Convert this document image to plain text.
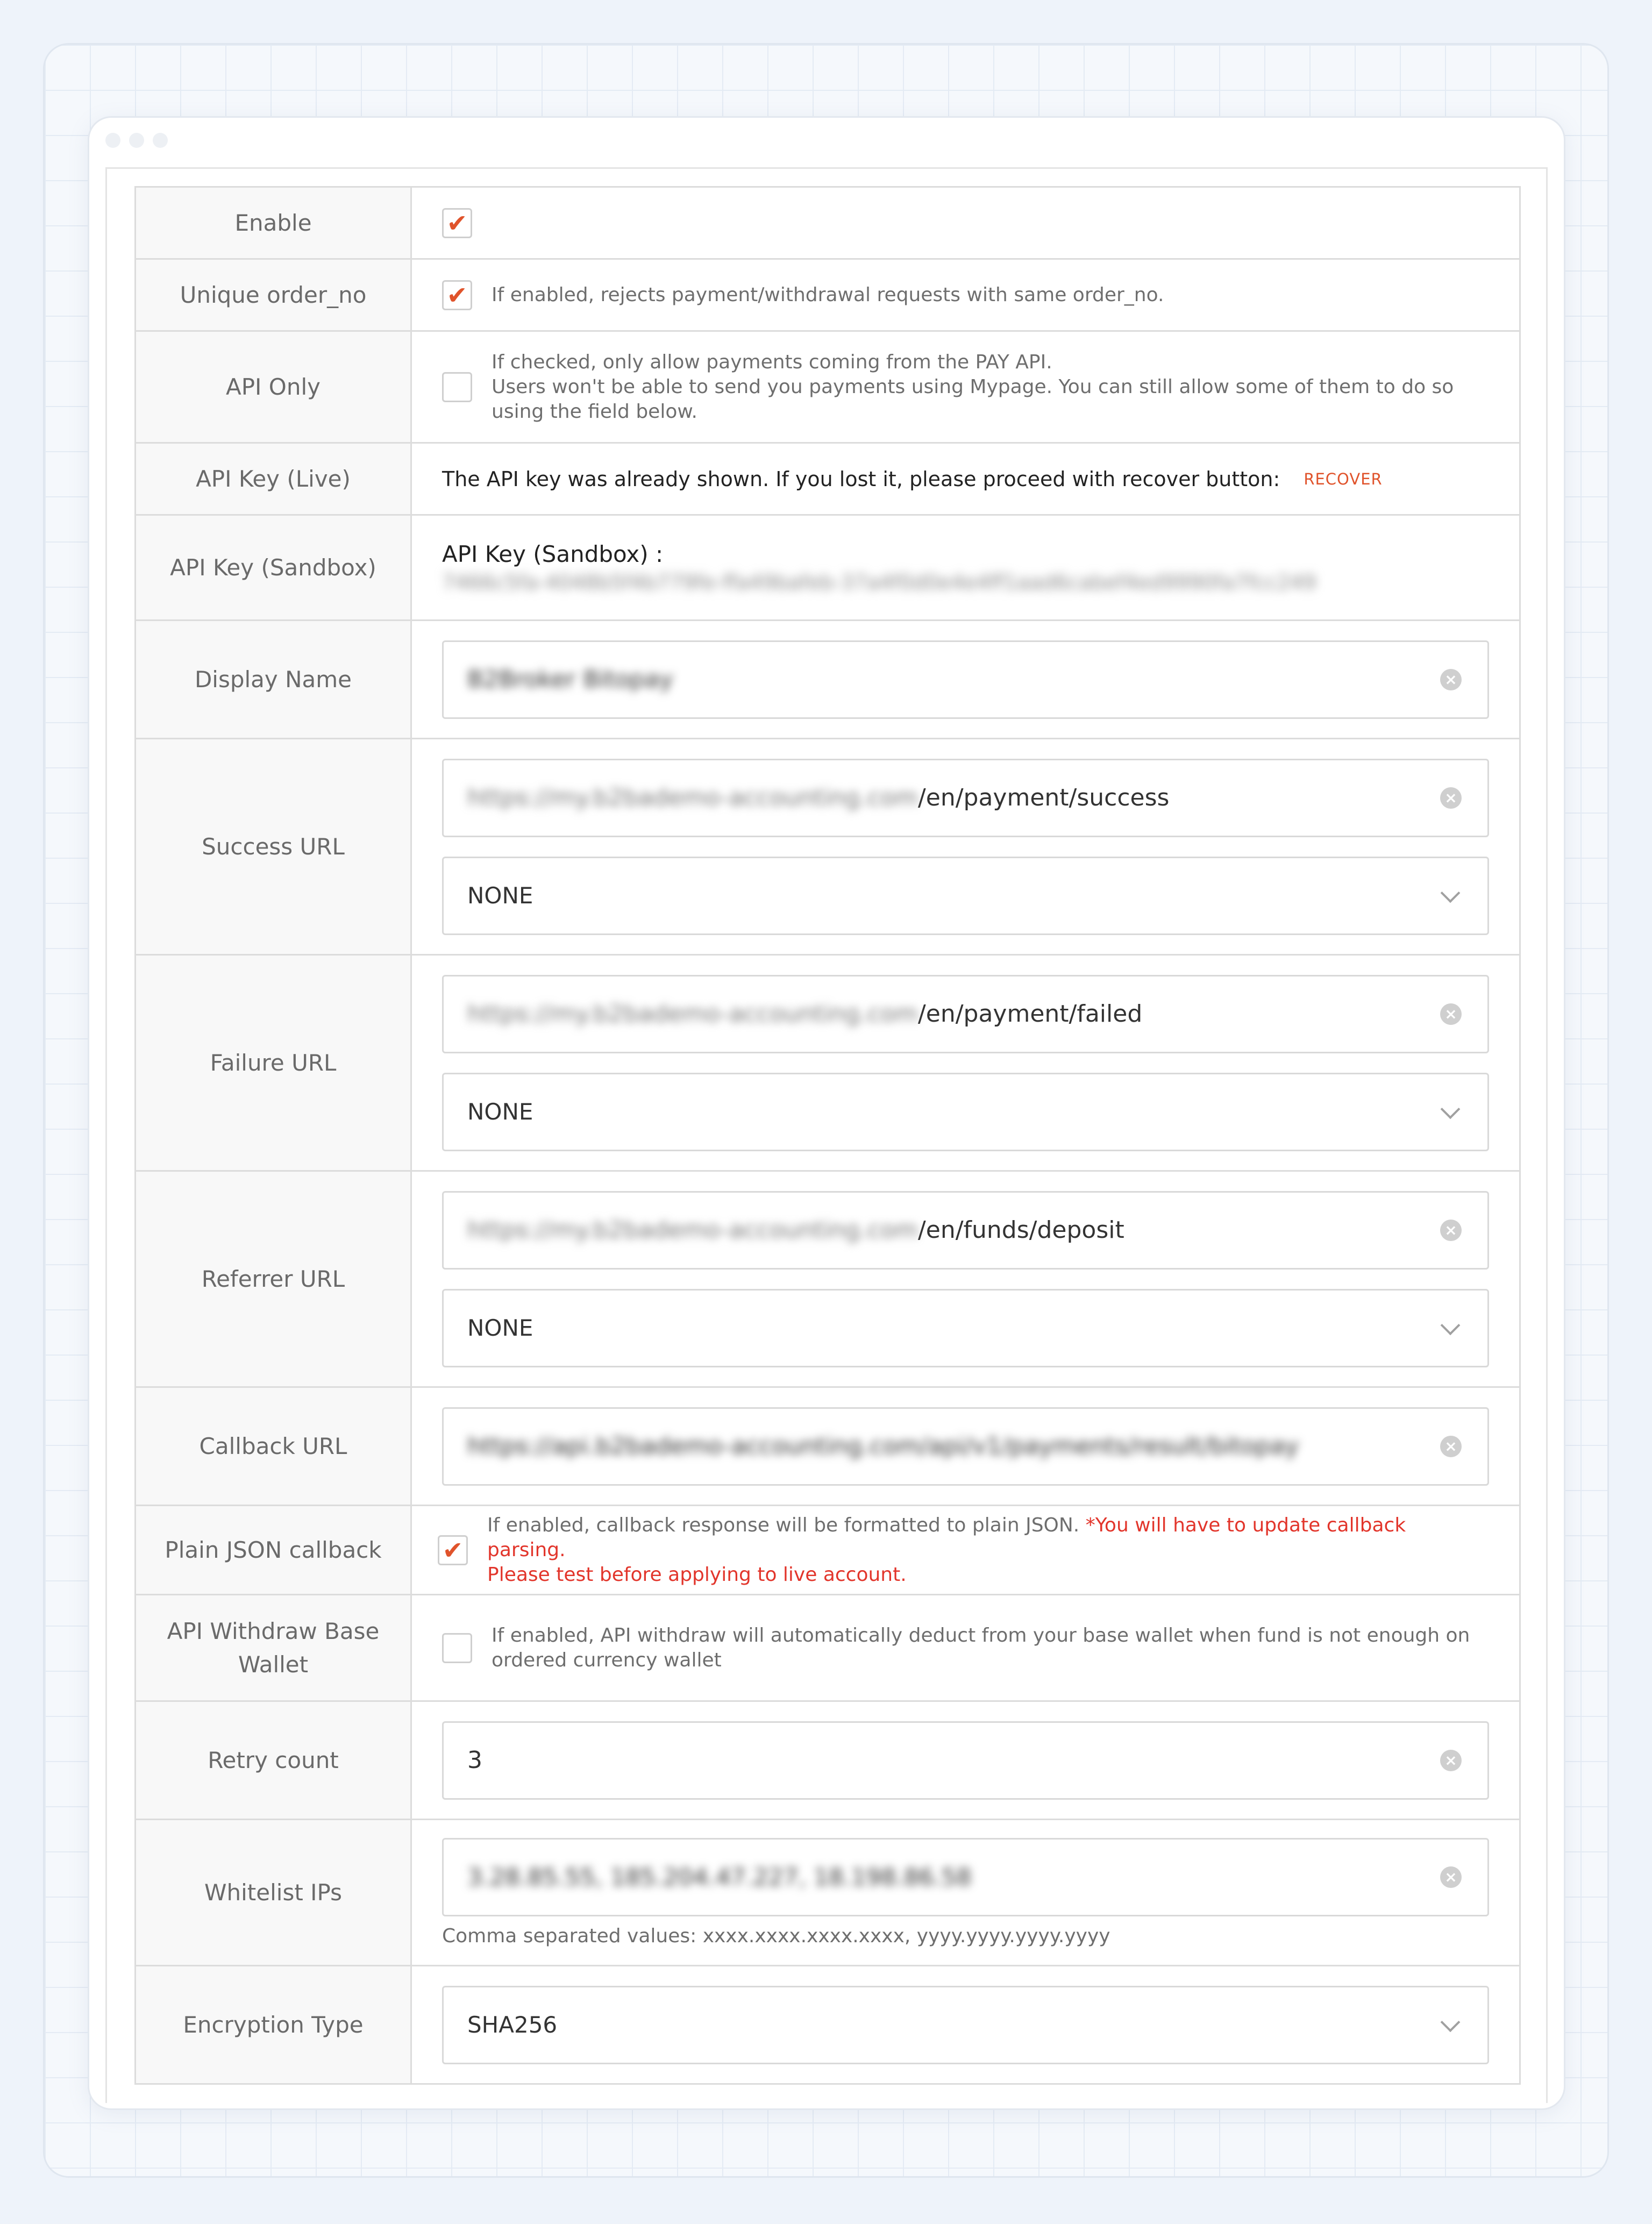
Enable
✔
Unique order_no
✔	If enabled, rejects payment/withdrawal requests with same order_no.
API Only
If checked, only allow payments coming from the PAY API.
Users won't be able to send you payments using Mypage. You can still allow some of them to do so using the field below.
API Key (Live)	The API key was already shown. If you lost it, please proceed with recover button: RECOVER
API Key (Sandbox)	API Key (Sandbox) :
7466c5fa-4048b5f4b779fe-ffa49bafeb-37a4f0d0e4e4ff1aad6cabef4ed9990fa7fcc249
Display Name	B2Broker Bitopay	×
Success URL
https://my.b2bademo-accounting.com/en/payment/success	×
NONE
Failure URL
https://my.b2bademo-accounting.com/en/payment/failed	×
NONE
Referrer URL
https://my.b2bademo-accounting.com/en/funds/deposit	×
NONE
Callback URL	https://api.b2bademo-accounting.com/api/v1/payments/result/bitopay	×
Plain JSON callback
✔
If enabled, callback response will be formatted to plain JSON. *You will have to update callback parsing.
Please test before applying to live account.
API Withdraw Base Wallet
If enabled, API withdraw will automatically deduct from your base wallet when fund is not enough on ordered currency wallet
Retry count	3	×
Whitelist IPs
3.28.85.55, 185.204.47.227, 18.198.86.58	×
Comma separated values: xxxx.xxxx.xxxx.xxxx, yyyy.yyyy.yyyy.yyyy
Encryption Type	SHA256
